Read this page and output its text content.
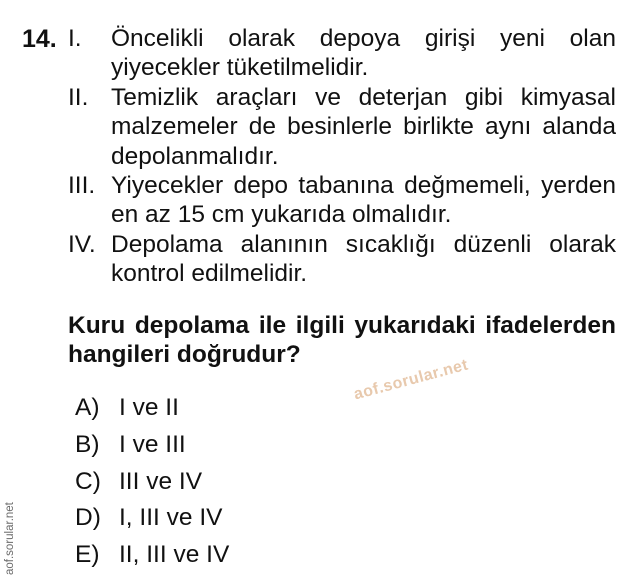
14. I.	Öncelikli olarak depoya girişi yeni olan yiyecekler tüketilmelidir.
II. Temizlik araçları ve deterjan gibi kimyasal malzemeler de besinlerle birlikte aynı alanda depolanmalıdır.
III. Yiyecekler depo tabanına değmemeli, yerden en az 15 cm yukarıda olmalıdır.
IV. Depolama alanının sıcaklığı düzenli olarak kontrol edilmelidir.
Kuru depolama ile ilgili yukarıdaki ifadelerden hangileri doğrudur?
aof.sorular.net
A) I ve II
B) I ve III
C) III ve IV
D) I, III ve IV
E) II, III ve IV
aof.sorular.net
